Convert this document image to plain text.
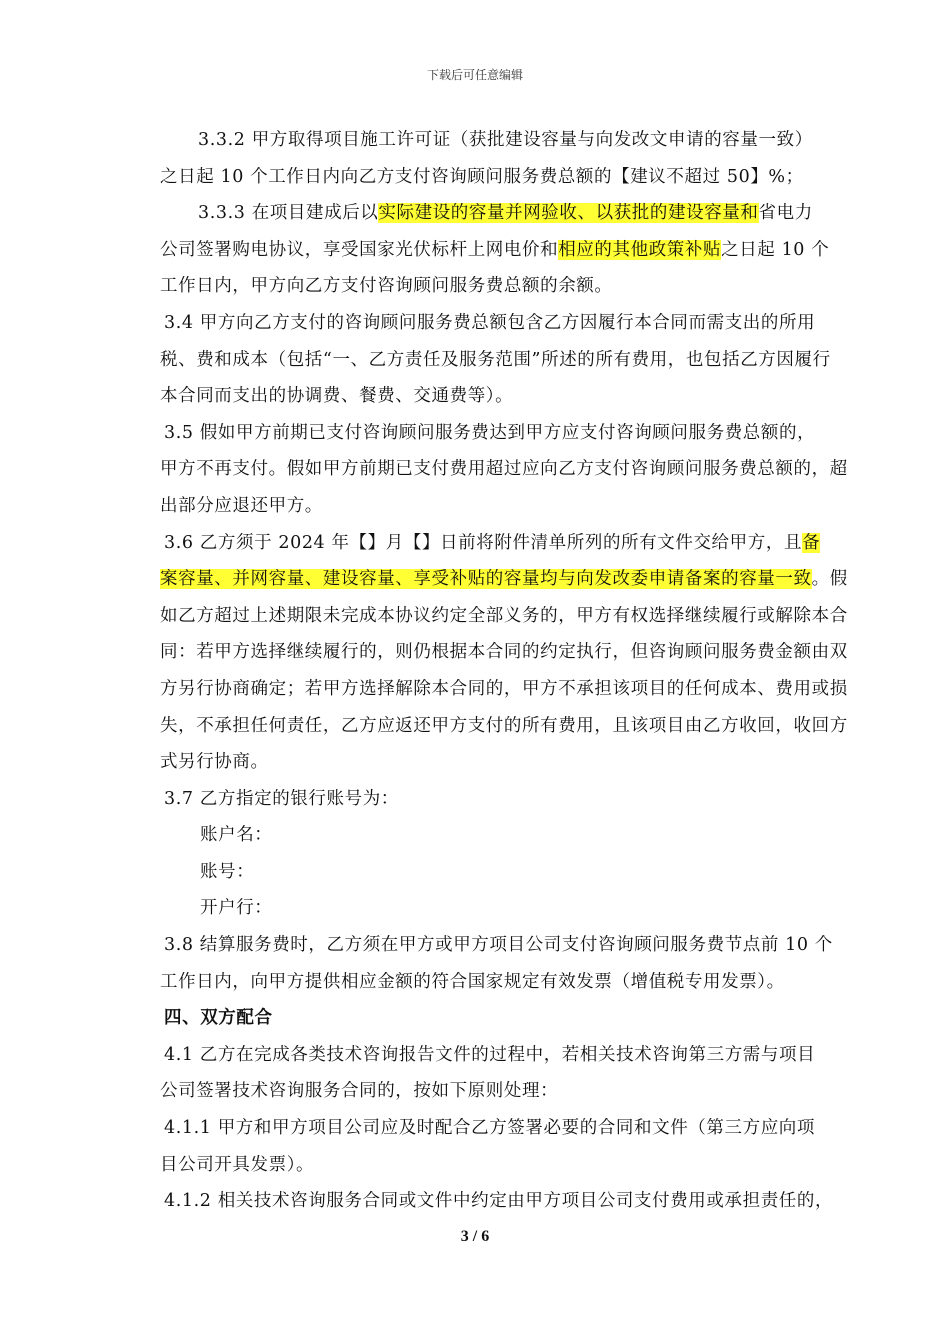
下载后可任意编辑
3.3.2 甲方取得项目施工许可证（获批建设容量与向发改文申请的容量一致）
之日起 10 个工作日内向乙方支付咨询顾问服务费总额的【建议不超过 50】%；
3.3.3 在项目建成后以实际建设的容量并网验收、以获批的建设容量和省电力
公司签署购电协议，享受国家光伏标杆上网电价和相应的其他政策补贴之日起 10 个
工作日内，甲方向乙方支付咨询顾问服务费总额的余额。
3.4 甲方向乙方支付的咨询顾问服务费总额包含乙方因履行本合同而需支出的所用
税、费和成本（包括“一、乙方责任及服务范围”所述的所有费用，也包括乙方因履行
本合同而支出的协调费、餐费、交通费等）。
3.5 假如甲方前期已支付咨询顾问服务费达到甲方应支付咨询顾问服务费总额的，
甲方不再支付。假如甲方前期已支付费用超过应向乙方支付咨询顾问服务费总额的，超
出部分应退还甲方。
3.6 乙方须于 2024 年【】月【】日前将附件清单所列的所有文件交给甲方，且备
案容量、并网容量、建设容量、享受补贴的容量均与向发改委申请备案的容量一致。假
如乙方超过上述期限未完成本协议约定全部义务的，甲方有权选择继续履行或解除本合
同：若甲方选择继续履行的，则仍根据本合同的约定执行，但咨询顾问服务费金额由双
方另行协商确定；若甲方选择解除本合同的，甲方不承担该项目的任何成本、费用或损
失，不承担任何责任，乙方应返还甲方支付的所有费用，且该项目由乙方收回，收回方
式另行协商。
3.7 乙方指定的银行账号为：
账户名：
账号：
开户行：
3.8 结算服务费时，乙方须在甲方或甲方项目公司支付咨询顾问服务费节点前 10 个
工作日内，向甲方提供相应金额的符合国家规定有效发票（增值税专用发票）。
四、双方配合
4.1 乙方在完成各类技术咨询报告文件的过程中，若相关技术咨询第三方需与项目
公司签署技术咨询服务合同的，按如下原则处理：
4.1.1 甲方和甲方项目公司应及时配合乙方签署必要的合同和文件（第三方应向项
目公司开具发票）。
4.1.2 相关技术咨询服务合同或文件中约定由甲方项目公司支付费用或承担责任的，
3 / 6
